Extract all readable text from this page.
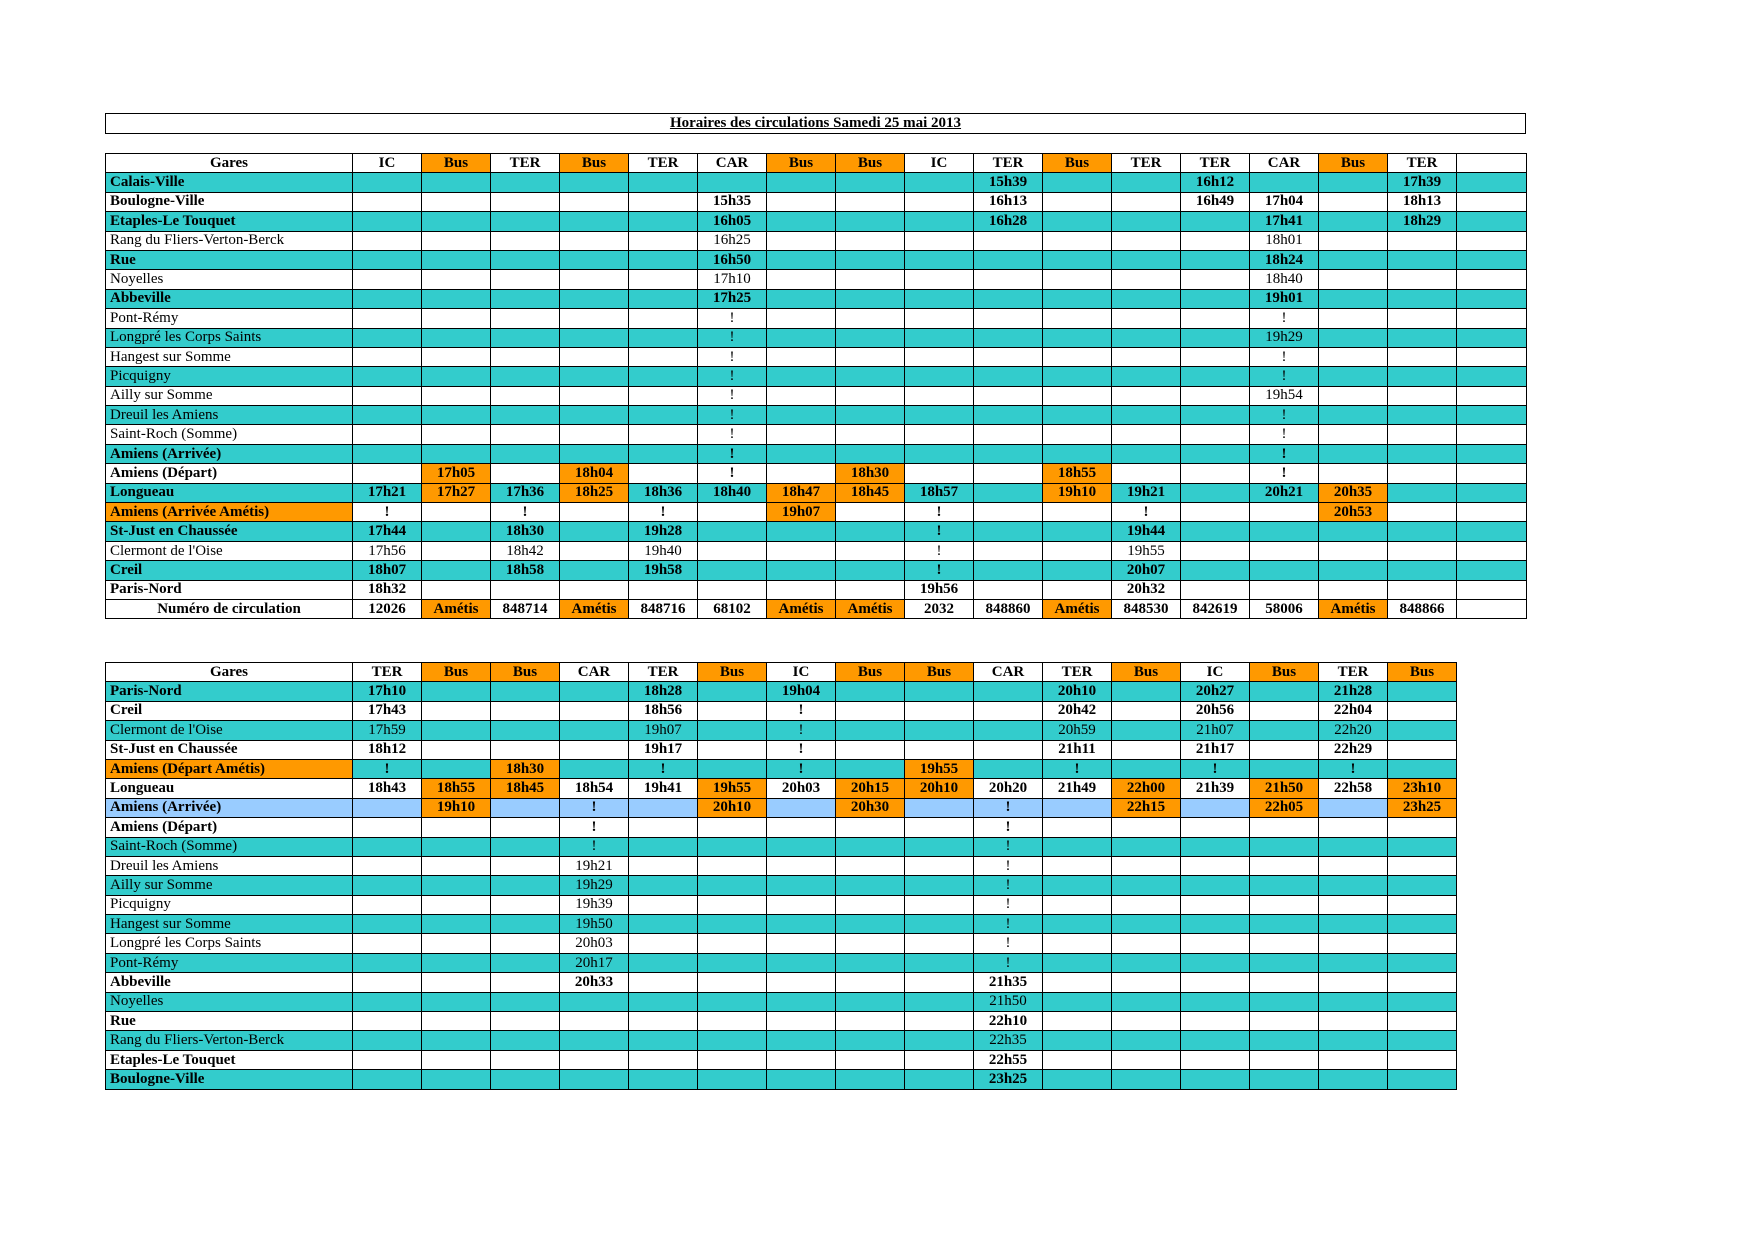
Horaires des circulations Samedi 25 mai 2013
Gares	IC	Bus	TER	Bus	TER	CAR	Bus	Bus	IC	TER	Bus	TER	TER	CAR	Bus	TER	
Calais-Ville										15h39			16h12			17h39	
Boulogne-Ville						15h35				16h13			16h49	17h04		18h13	
Etaples-Le Touquet						16h05				16h28				17h41		18h29	
Rang du Fliers-Verton-Berck						16h25								18h01			
Rue						16h50								18h24			
Noyelles						17h10								18h40			
Abbeville						17h25								19h01			
Pont-Rémy						!								!			
Longpré les Corps Saints						!								19h29			
Hangest sur Somme						!								!			
Picquigny						!								!			
Ailly sur Somme						!								19h54			
Dreuil les Amiens						!								!			
Saint-Roch (Somme)						!								!			
Amiens (Arrivée)						!								!			
Amiens (Départ)		17h05		18h04		!		18h30			18h55			!			
Longueau	17h21	17h27	17h36	18h25	18h36	18h40	18h47	18h45	18h57		19h10	19h21		20h21	20h35		
Amiens (Arrivée Amétis)	!		!		!		19h07		!			!			20h53		
St-Just en Chaussée	17h44		18h30		19h28				!			19h44					
Clermont de l'Oise	17h56		18h42		19h40				!			19h55					
Creil	18h07		18h58		19h58				!			20h07					
Paris-Nord	18h32								19h56			20h32					
Numéro de circulation	12026	Amétis	848714	Amétis	848716	68102	Amétis	Amétis	2032	848860	Amétis	848530	842619	58006	Amétis	848866	
Gares	TER	Bus	Bus	CAR	TER	Bus	IC	Bus	Bus	CAR	TER	Bus	IC	Bus	TER	Bus
Paris-Nord	17h10				18h28		19h04				20h10		20h27		21h28	
Creil	17h43				18h56		!				20h42		20h56		22h04	
Clermont de l'Oise	17h59				19h07		!				20h59		21h07		22h20	
St-Just en Chaussée	18h12				19h17		!				21h11		21h17		22h29	
Amiens (Départ Amétis)	!		18h30		!		!		19h55		!		!		!	
Longueau	18h43	18h55	18h45	18h54	19h41	19h55	20h03	20h15	20h10	20h20	21h49	22h00	21h39	21h50	22h58	23h10
Amiens (Arrivée)		19h10		!		20h10		20h30		!		22h15		22h05		23h25
Amiens (Départ)				!						!						
Saint-Roch (Somme)				!						!						
Dreuil les Amiens				19h21						!						
Ailly sur Somme				19h29						!						
Picquigny				19h39						!						
Hangest sur Somme				19h50						!						
Longpré les Corps Saints				20h03						!						
Pont-Rémy				20h17						!						
Abbeville				20h33						21h35						
Noyelles										21h50						
Rue										22h10						
Rang du Fliers-Verton-Berck										22h35						
Etaples-Le Touquet										22h55						
Boulogne-Ville										23h25						
